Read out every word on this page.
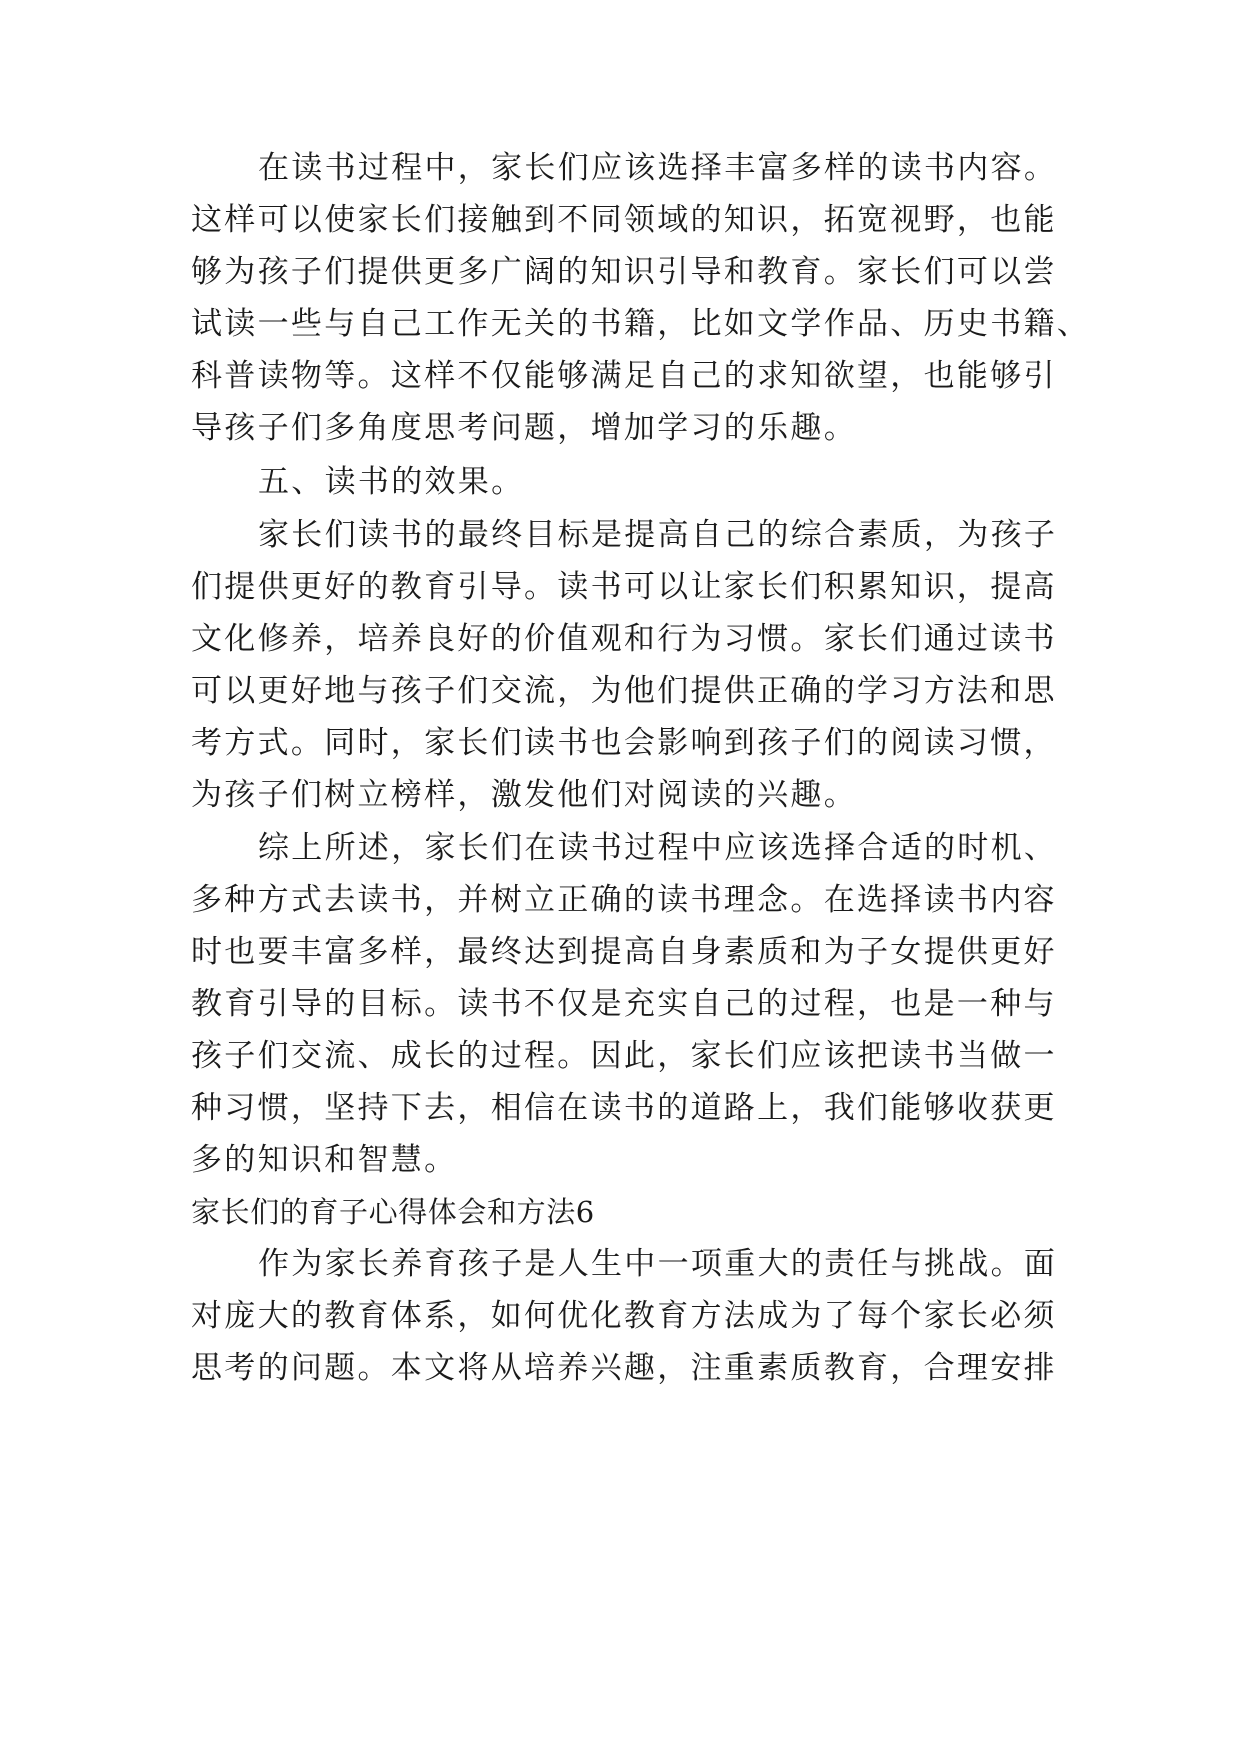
在读书过程中，家长们应该选择丰富多样的读书内容。
这样可以使家长们接触到不同领域的知识，拓宽视野，也能
够为孩子们提供更多广阔的知识引导和教育。家长们可以尝
试读一些与自己工作无关的书籍，比如文学作品、历史书籍、
科普读物等。这样不仅能够满足自己的求知欲望，也能够引
导孩子们多角度思考问题，增加学习的乐趣。
五、读书的效果。
家长们读书的最终目标是提高自己的综合素质，为孩子
们提供更好的教育引导。读书可以让家长们积累知识，提高
文化修养，培养良好的价值观和行为习惯。家长们通过读书
可以更好地与孩子们交流，为他们提供正确的学习方法和思
考方式。同时，家长们读书也会影响到孩子们的阅读习惯，
为孩子们树立榜样，激发他们对阅读的兴趣。
综上所述，家长们在读书过程中应该选择合适的时机、
多种方式去读书，并树立正确的读书理念。在选择读书内容
时也要丰富多样，最终达到提高自身素质和为子女提供更好
教育引导的目标。读书不仅是充实自己的过程，也是一种与
孩子们交流、成长的过程。因此，家长们应该把读书当做一
种习惯，坚持下去，相信在读书的道路上，我们能够收获更
多的知识和智慧。
家长们的育子心得体会和方法6
作为家长养育孩子是人生中一项重大的责任与挑战。面
对庞大的教育体系，如何优化教育方法成为了每个家长必须
思考的问题。本文将从培养兴趣，注重素质教育，合理安排
